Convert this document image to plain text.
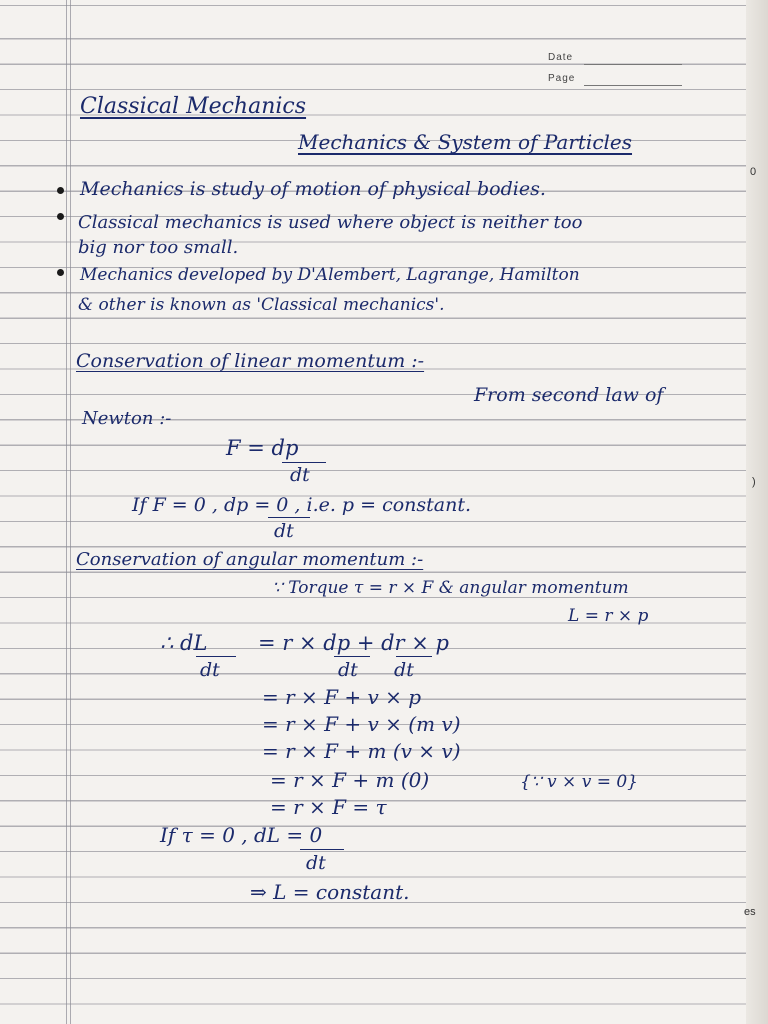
Date
Page
Classical Mechanics
Mechanics & System of Particles
Mechanics is study of motion of physical bodies.
Classical mechanics is used where object is neither too
big nor too small.
Mechanics developed by D'Alembert, Lagrange, Hamilton
& other is known as 'Classical mechanics'.
Conservation of linear momentum :-
From second law of
Newton :-
F = dp
dt
If F = 0 , dp = 0 , i.e. p = constant.
dt
Conservation of angular momentum :-
∵ Torque τ = r × F & angular momentum
L = r × p
∴ dL
dt
= r × dp + dr × p
dt      dt
= r × F + v × p
= r × F + v × (m v)
= r × F + m (v × v)
= r × F + m (0)	{∵ v × v = 0}
= r × F = τ
If τ = 0 , dL = 0
dt
⇒ L = constant.
0
)
es
